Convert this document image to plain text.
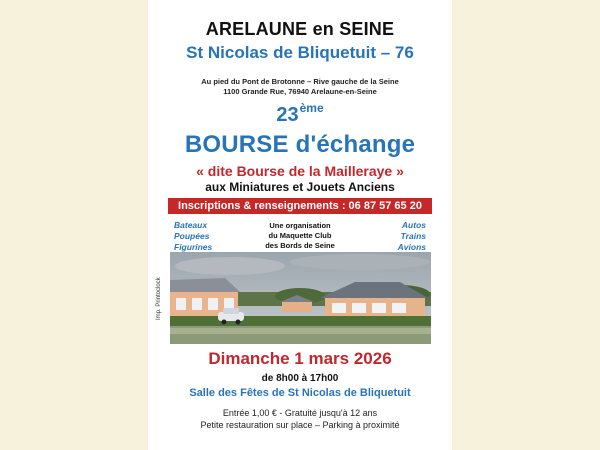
ARELAUNE en SEINE
St Nicolas de Bliquetuit – 76
Au pied du Pont de Brotonne – Rive gauche de la Seine
1100 Grande Rue, 76940 Arelaune-en-Seine
23ème
BOURSE d'échange
« dite Bourse de la Mailleraye »
aux Miniatures et Jouets Anciens
Inscriptions & renseignements : 06 87 57 65 20
Bateaux
Poupées
Figurines
Une organisation
du Maquette Club
des Bords de Seine
Autos
Trains
Avions
Imp. Printoclock
Dimanche 1 mars 2026
de 8h00 à 17h00
Salle des Fêtes de St Nicolas de Bliquetuit
Entrée 1,00 € - Gratuité jusqu'à 12 ans
Petite restauration sur place – Parking à proximité
